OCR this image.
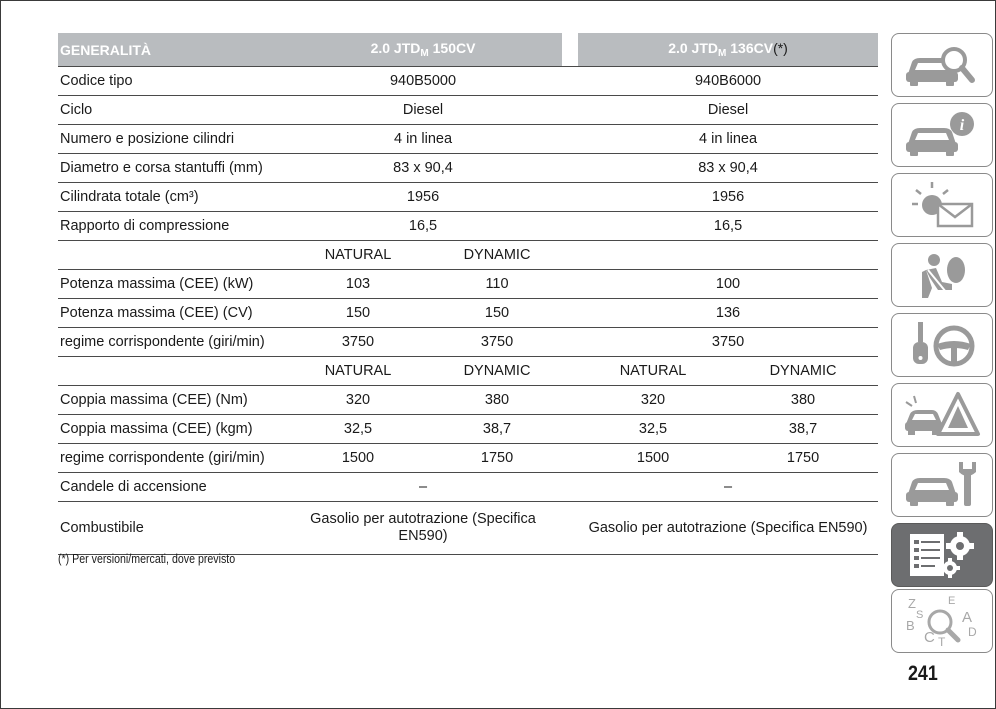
GENERALITÀ	2.0 $JTD_M$ 150CV			2.0 $JTD_M$ 136CV(*)	
Codice tipo	940B5000			940B6000	
Ciclo	Diesel			Diesel	
Numero e posizione cilindri	4 in linea			4 in linea	
Diametro e corsa stantuffi (mm)	83 x 90,4			83 x 90,4	
Cilindrata totale (cm³)	1956			1956	
Rapporto di compressione	16,5			16,5	
	NATURAL	DYNAMIC			
Potenza massima (CEE) (kW)	103	110		100	
Potenza massima (CEE) (CV)	150	150		136	
regime corrispondente (giri/min)	3750	3750		3750	
	NATURAL	DYNAMIC		NATURAL	DYNAMIC
Coppia massima (CEE) (Nm)	320	380		320	380
Coppia massima (CEE) (kgm)	32,5	38,7		32,5	38,7
regime corrispondente (giri/min)	1500	1750		1500	1750
Candele di accensione	–			–	
Combustibile	Gasolio per autotrazione (Specifica EN590)			Gasolio per autotrazione (Specifica EN590)	
(*) Per versioni/mercati, dove previsto
i
Z	E
S	A
B	D
C T
241
